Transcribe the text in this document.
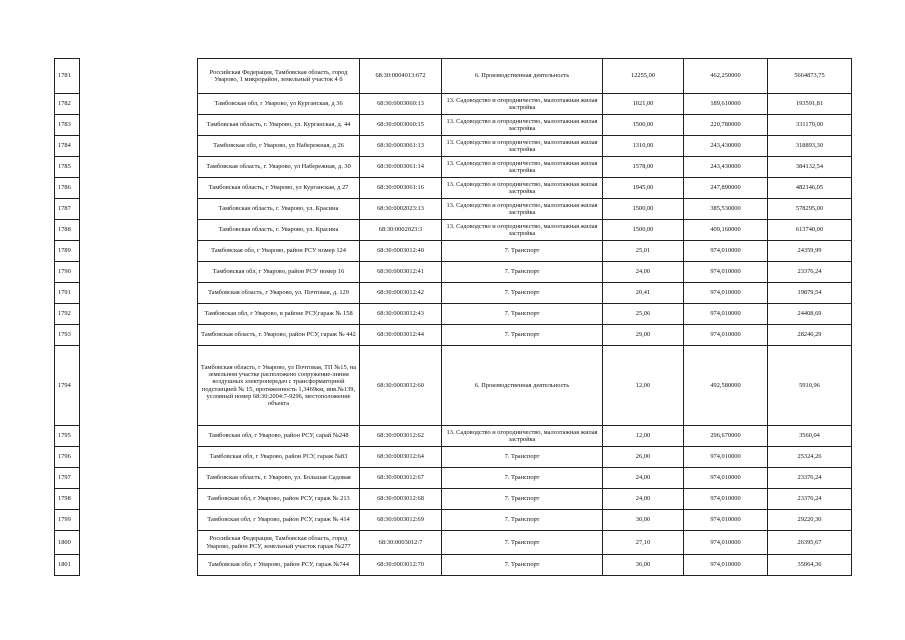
1781		Российская Федерация, Тамбовская область, город Уварово, 1 микрорайон, земельный участок 4 б	68:30:0004013:672	6. Производственная деятельность	12255,00	462,250000	5664873,75
1782		Тамбовская обл, г Уварово, ул Курганская, д 36	68:30:0003060:13	13. Садоводство и огородничество, малоэтажная жилая застройка	1021,00	189,610000	193591,81
1783		Тамбовская область, г. Уварово, ул. Курганская, д. 44	68:30:0003060:15	13. Садоводство и огородничество, малоэтажная жилая застройка	1500,00	220,780000	331170,00
1784		Тамбовская обл, г Уварово, ул Набережная, д 26	68:30:0003061:13	13. Садоводство и огородничество, малоэтажная жилая застройка	1310,00	243,430000	318893,30
1785		Тамбовская область, г. Уварово, ул Набережная, д. 30	68:30:0003061:14	13. Садоводство и огородничество, малоэтажная жилая застройка	1578,00	243,430000	384132,54
1786		Тамбовская область, г Уварово, ул Курганская, д 27	68:30:0003061:16	13. Садоводство и огородничество, малоэтажная жилая застройка	1945,00	247,890000	482146,05
1787		Тамбовская область, г. Уварово, ул. Красина	68:30:0002023:13	13. Садоводство и огородничество, малоэтажная жилая застройка	1500,00	385,530000	578295,00
1788		Тамбовская область, г. Уварово, ул. Красина	68:30:0002023:3	13. Садоводство и огородничество, малоэтажная жилая застройка	1500,00	409,160000	613740,00
1789		Тамбовская обл, г Уварово, район РСУ номер 124	68:30:0003012:40	7. Транспорт	25,01	974,010000	24359,99
1790		Тамбовская обл, г Уварово, район РСУ номер 16	68:30:0003012:41	7. Транспорт	24,00	974,010000	23376,24
1791		Тамбовская область, г Уварово, ул. Почтовая, д. 129	68:30:0003012:42	7. Транспорт	20,41	974,010000	19879,54
1792		Тамбовская обл, г Уварово, в районе РСУ,гараж № 158	68:30:0003012:43	7. Транспорт	25,06	974,010000	24408,69
1793		Тамбовская область, г. Уварово, район РСУ, гараж № 442	68:30:0003012:44	7. Транспорт	29,00	974,010000	28246,29
1794		Тамбовская область, г Уварово, ул Почтовая, ТП №15, на земельном участке расположено сооружение-линия воздушных электропередач с трансформаторной подстанцией № 15, протяженность 1,3469км, инв.№139, условный номер 68:30:2004:7-9296, местоположение объекта	68:30:0003012:60	6. Производственная деятельность	12,00	492,580000	5910,96
1795		Тамбовская обл, г Уварово, район РСУ, сарай №248	68:30:0003012:62	13. Садоводство и огородничество, малоэтажная жилая застройка	12,00	296,670000	3560,04
1796		Тамбовская обл, г Уварово, район РСУ, гараж №83	68:30:0003012:64	7. Транспорт	26,00	974,010000	25324,26
1797		Тамбовская область, г. Уварово, ул. Большая Садовая	68:30:0003012:67	7. Транспорт	24,00	974,010000	23376,24
1798		Тамбовская обл, г Уварово, район РСУ, гараж № 213	68:30:0003012:68	7. Транспорт	24,00	974,010000	23376,24
1799		Тамбовская обл, г Уварово, район РСУ, гараж № 414	68:30:0003012:69	7. Транспорт	30,00	974,010000	29220,30
1800		Российская Федерация, Тамбовская область, город Уварово, район РСУ, земельный участок гараж №277	68:30:0003012:7	7. Транспорт	27,10	974,010000	26395,67
1801		Тамбовская обл, г Уварово, район РСУ, гараж №744	68:30:0003012:70	7. Транспорт	36,00	974,010000	35064,36
